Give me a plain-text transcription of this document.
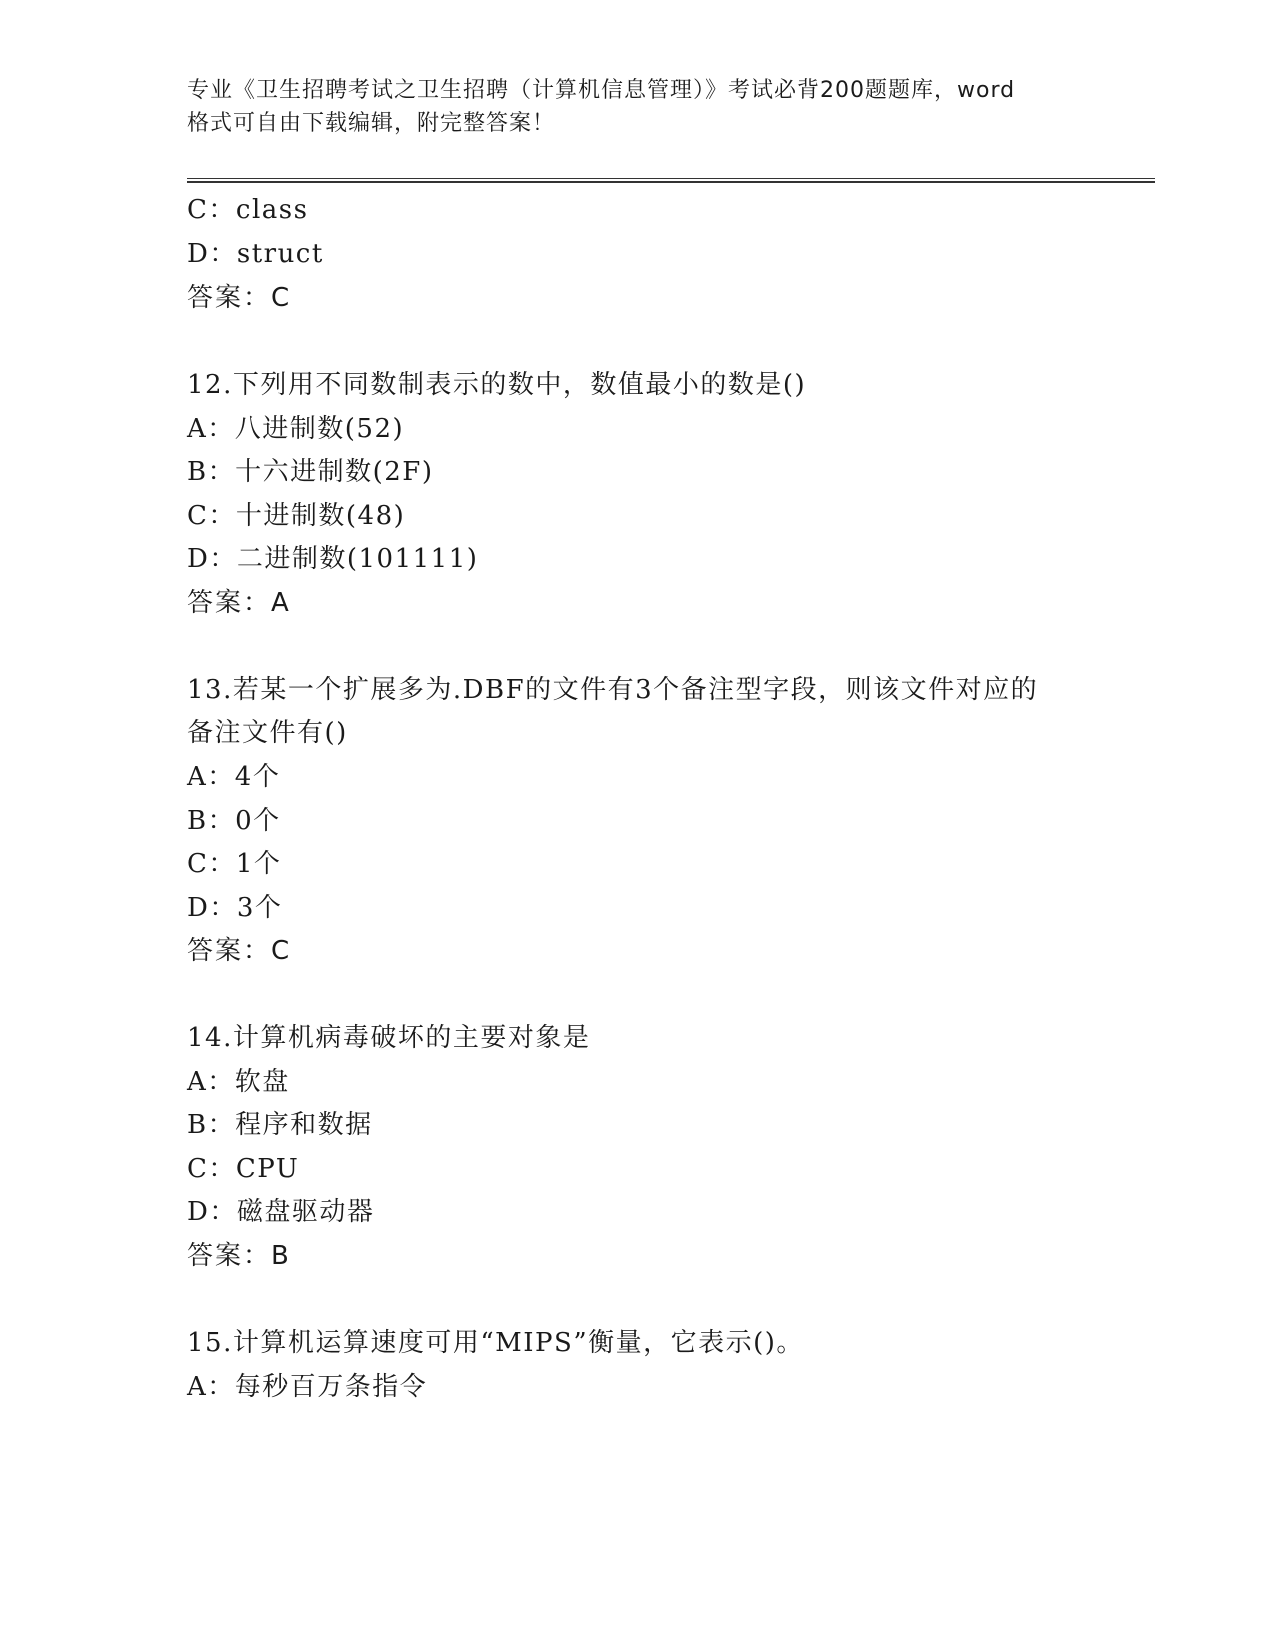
专业《卫生招聘考试之卫生招聘（计算机信息管理）》考试必背200题题库，word
格式可自由下载编辑，附完整答案！
C：class
D：struct
答案：C
12.下列用不同数制表示的数中，数值最小的数是()
A：八进制数(52)
B：十六进制数(2F)
C：十进制数(48)
D：二进制数(101111)
答案：A
13.若某一个扩展多为.DBF的文件有3个备注型字段，则该文件对应的
备注文件有()
A：4个
B：0个
C：1个
D：3个
答案：C
14.计算机病毒破坏的主要对象是
A：软盘
B：程序和数据
C：CPU
D：磁盘驱动器
答案：B
15.计算机运算速度可用“MIPS”衡量，它表示()。
A：每秒百万条指令
